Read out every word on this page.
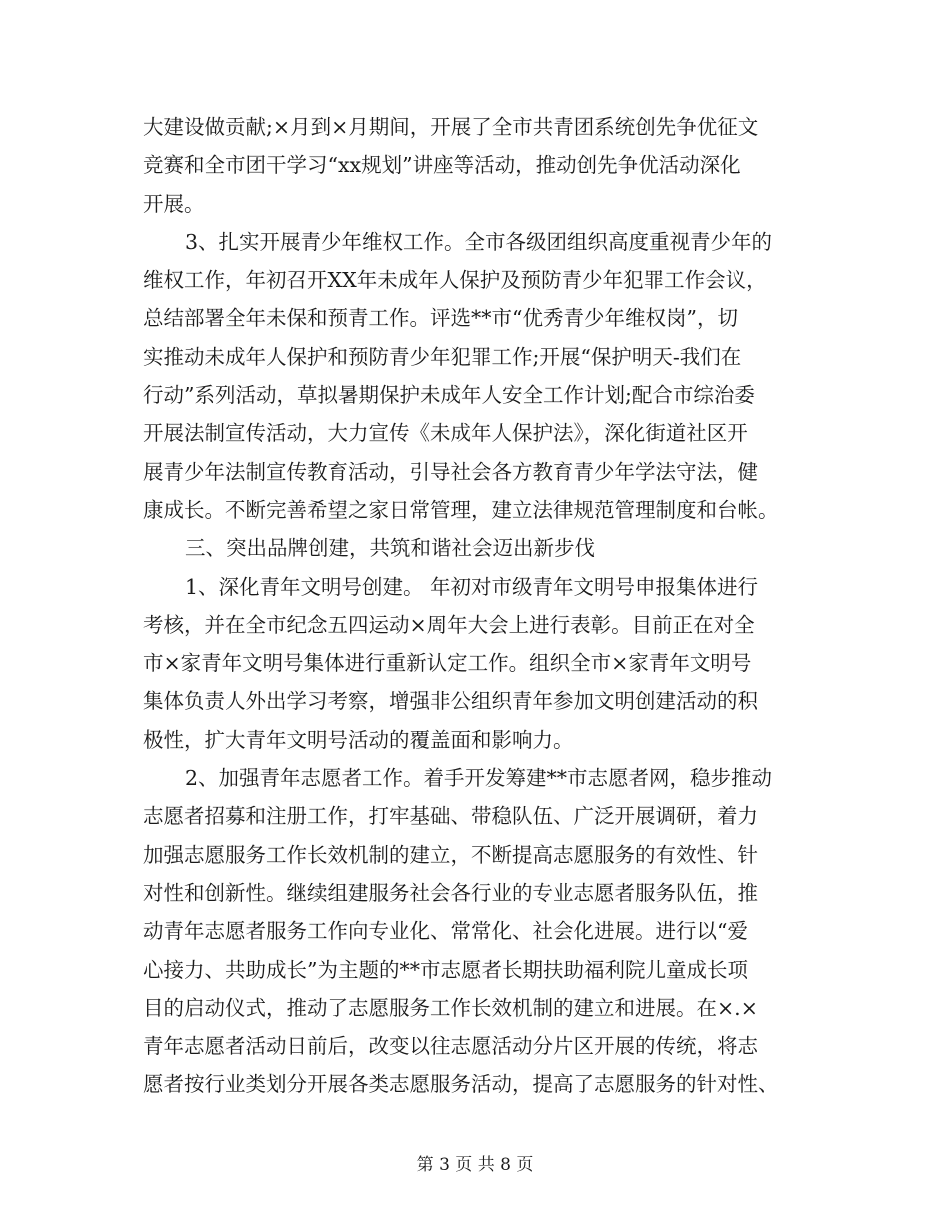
大建设做贡献;×月到×月期间，开展了全市共青团系统创先争优征文
竞赛和全市团干学习“xx规划”讲座等活动，推动创先争优活动深化
开展。
3、扎实开展青少年维权工作。全市各级团组织高度重视青少年的
维权工作，年初召开XX年未成年人保护及预防青少年犯罪工作会议，
总结部署全年未保和预青工作。评选**市“优秀青少年维权岗”，切
实推动未成年人保护和预防青少年犯罪工作;开展“保护明天-我们在
行动”系列活动，草拟暑期保护未成年人安全工作计划;配合市综治委
开展法制宣传活动，大力宣传《未成年人保护法》，深化街道社区开
展青少年法制宣传教育活动，引导社会各方教育青少年学法守法，健
康成长。不断完善希望之家日常管理，建立法律规范管理制度和台帐。
三、突出品牌创建，共筑和谐社会迈出新步伐
1、深化青年文明号创建。 年初对市级青年文明号申报集体进行
考核，并在全市纪念五四运动×周年大会上进行表彰。目前正在对全
市×家青年文明号集体进行重新认定工作。组织全市×家青年文明号
集体负责人外出学习考察，增强非公组织青年参加文明创建活动的积
极性，扩大青年文明号活动的覆盖面和影响力。
2、加强青年志愿者工作。着手开发筹建**市志愿者网，稳步推动
志愿者招募和注册工作，打牢基础、带稳队伍、广泛开展调研，着力
加强志愿服务工作长效机制的建立，不断提高志愿服务的有效性、针
对性和创新性。继续组建服务社会各行业的专业志愿者服务队伍，推
动青年志愿者服务工作向专业化、常常化、社会化进展。进行以“爱
心接力、共助成长”为主题的**市志愿者长期扶助福利院儿童成长项
目的启动仪式，推动了志愿服务工作长效机制的建立和进展。在×.×
青年志愿者活动日前后，改变以往志愿活动分片区开展的传统，将志
愿者按行业类划分开展各类志愿服务活动，提高了志愿服务的针对性、
第 3 页 共 8 页
